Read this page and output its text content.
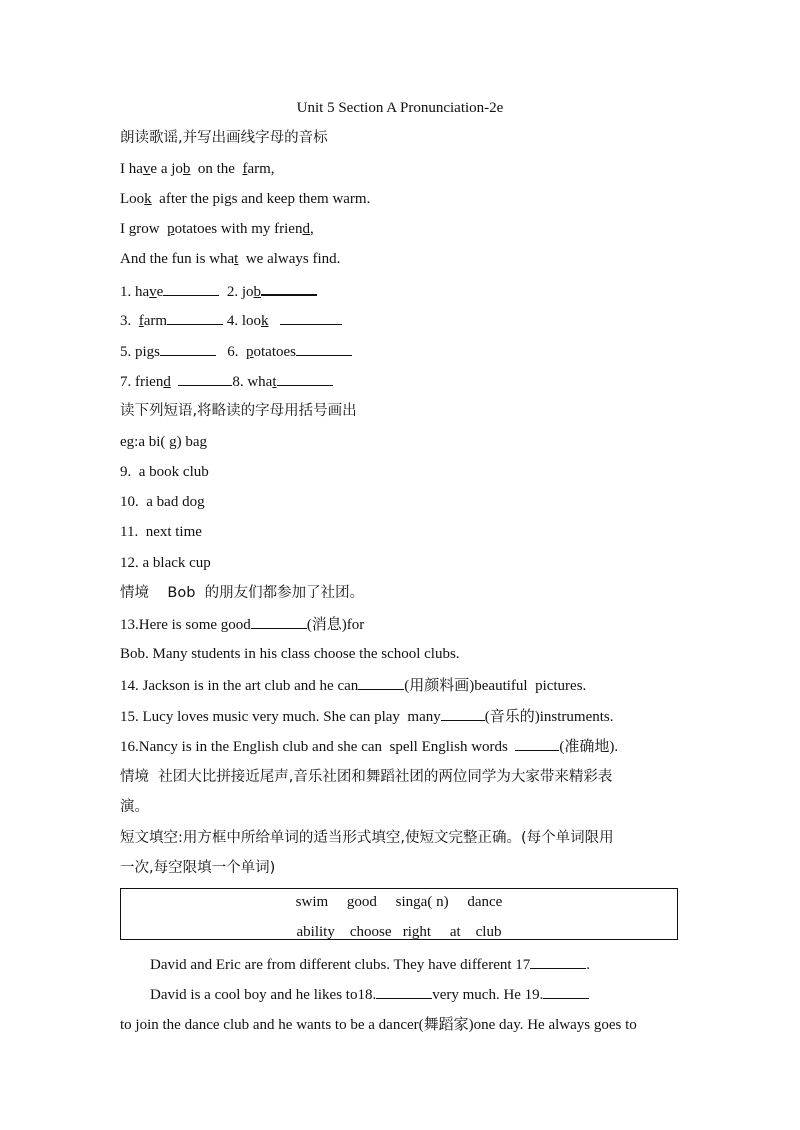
Unit 5 Section A Pronunciation-2e
朗读歌谣,并写出画线字母的音标
I have a job  on the  farm,
Look  after the pigs and keep them warm.
I grow  potatoes with my friend,
And the fun is what  we always find.
1. have	2. job
3.  farm	4. look
5. pigs	6.  potatoes
7. friend	8. what
读下列短语,将略读的字母用括号画出
eg:a bi( g) bag
9.  a book club
10.  a bad dog
11.  next time
12. a black cup
情境    Bob  的朋友们都参加了社团。
13.Here is some good	(消息)for
Bob. Many students in his class choose the school clubs.
14. Jackson is in the art club and he can	(用颜料画)beautiful  pictures.
15. Lucy loves music very much. She can play  many	(音乐的)instruments.
16.Nancy is in the English club and she can  spell English words	(准确地).
情境  社团大比拼接近尾声,音乐社团和舞蹈社团的两位同学为大家带来精彩表
演。
短文填空:用方框中所给单词的适当形式填空,使短文完整正确。(每个单词限用
一次,每空限填一个单词)
swim     good     singa( n)     dance
ability    choose   right     at    club
David and Eric are from different clubs. They have different 17	.
David is a cool boy and he likes to18.	very much. He 19.
to join the dance club and he wants to be a dancer(舞蹈家)one day. He always goes to
